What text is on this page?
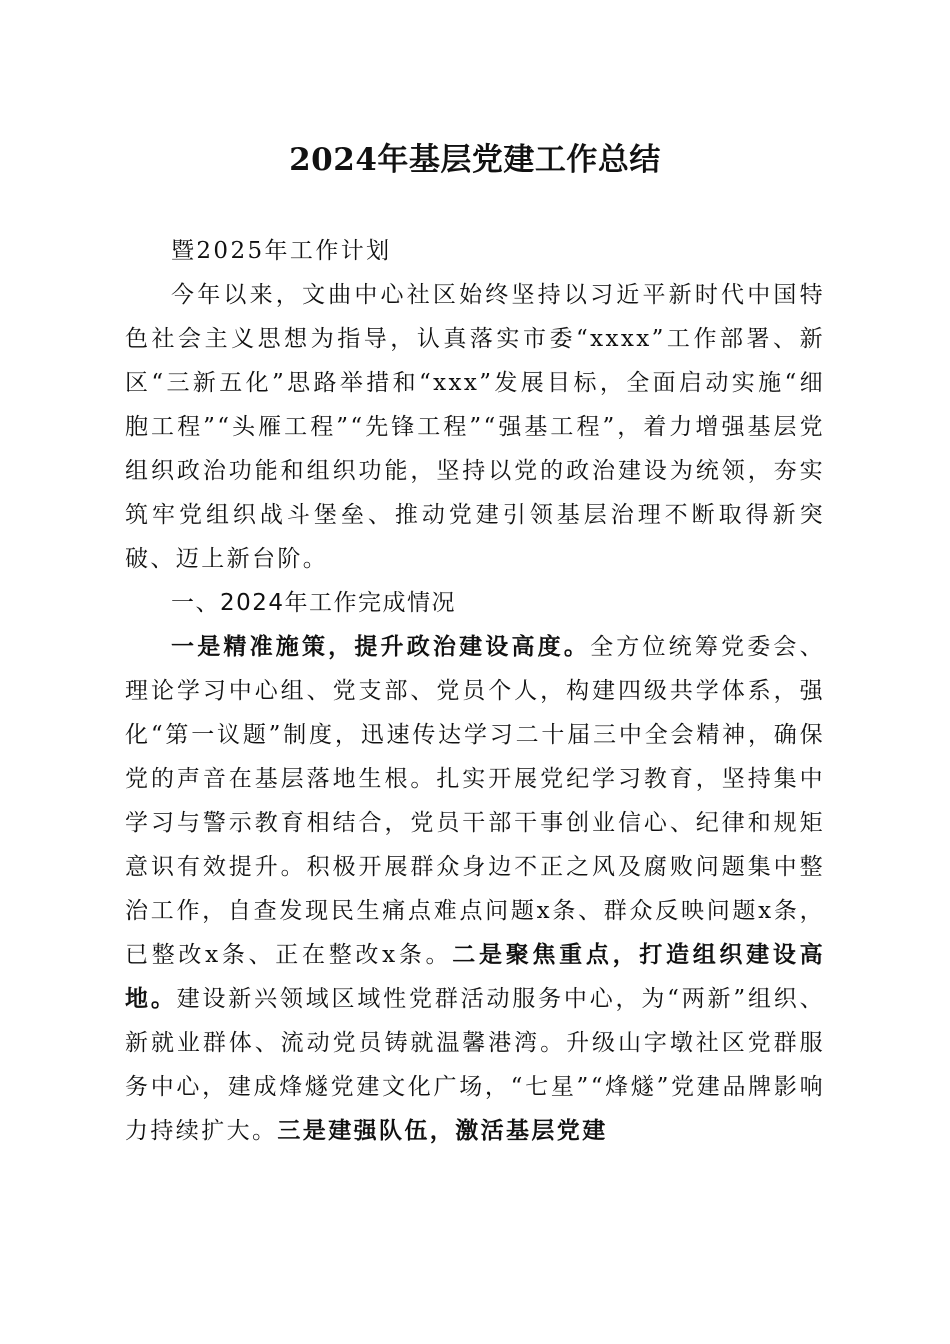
2024年基层党建工作总结
暨2025年工作计划

今年以来，文曲中心社区始终坚持以习近平新时代中国特色社会主义思想为指导，认真落实市委“xxxx”工作部署、新区“三新五化”思路举措和“xxx”发展目标，全面启动实施“细胞工程”“头雁工程”“先锋工程”“强基工程”，着力增强基层党组织政治功能和组织功能，坚持以党的政治建设为统领，夯实筑牢党组织战斗堡垒、推动党建引领基层治理不断取得新突破、迈上新台阶。

一、2024年工作完成情况

一是精准施策，提升政治建设高度。全方位统筹党委会、理论学习中心组、党支部、党员个人，构建四级共学体系，强化“第一议题”制度，迅速传达学习二十届三中全会精神，确保党的声音在基层落地生根。扎实开展党纪学习教育，坚持集中学习与警示教育相结合，党员干部干事创业信心、纪律和规矩意识有效提升。积极开展群众身边不正之风及腐败问题集中整治工作，自查发现民生痛点难点问题x条、群众反映问题x条，已整改x条、正在整改x条。二是聚焦重点，打造组织建设高地。建设新兴领域区域性党群活动服务中心，为“两新”组织、新就业群体、流动党员铸就温馨港湾。升级山字墩社区党群服务中心，建成烽燧党建文化广场，“七星”“烽燧”党建品牌影响力持续扩大。三是建强队伍，激活基层党建
